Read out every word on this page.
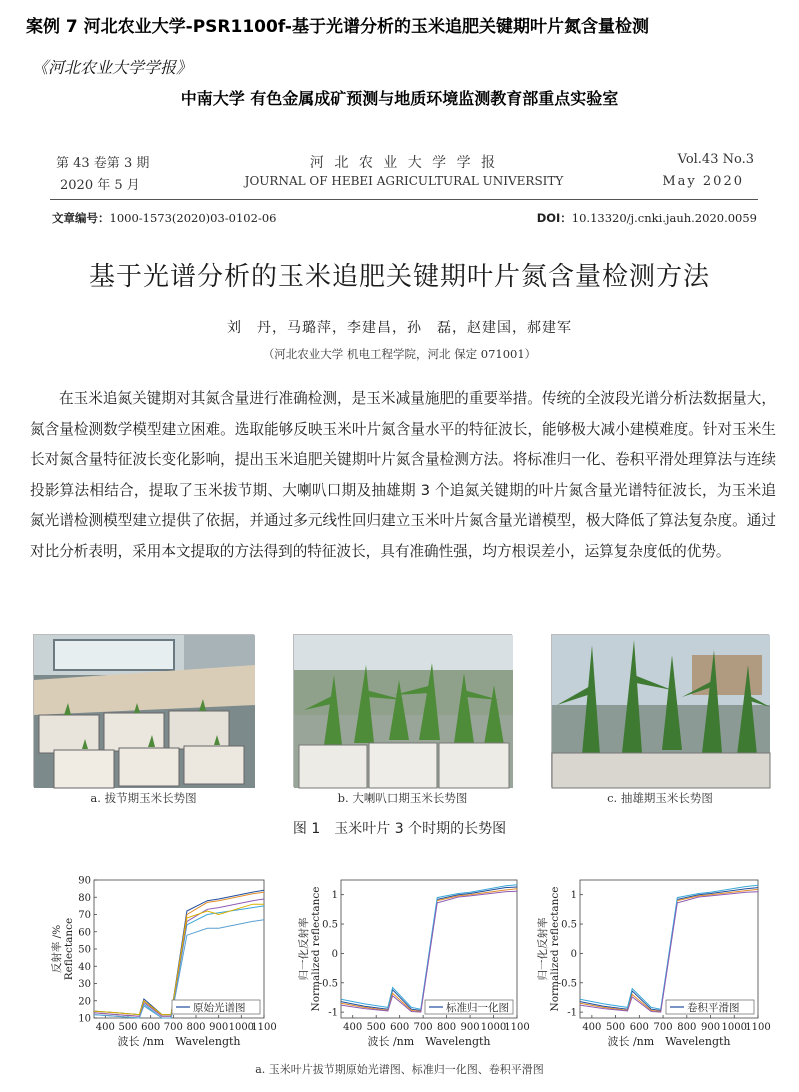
案例 7 河北农业大学-PSR1100f-基于光谱分析的玉米追肥关键期叶片氮含量检测
《河北农业大学学报》
中南大学 有色金属成矿预测与地质环境监测教育部重点实验室
第 43 卷第 3 期
2020 年 5 月
河 北 农 业 大 学 学 报
JOURNAL OF HEBEI AGRICULTURAL UNIVERSITY
Vol.43 No.3
May 2020
文章编号：1000-1573(2020)03-0102-06	DOI：10.13320/j.cnki.jauh.2020.0059
基于光谱分析的玉米追肥关键期叶片氮含量检测方法
刘　丹，马璐萍，李建昌，孙　磊，赵建国，郝建军
（河北农业大学 机电工程学院，河北 保定 071001）
在玉米追氮关键期对其氮含量进行准确检测，是玉米减量施肥的重要举措。传统的全波段光谱分析法数据量大，氮含量检测数学模型建立困难。选取能够反映玉米叶片氮含量水平的特征波长，能够极大减小建模难度。针对玉米生长对氮含量特征波长变化影响，提出玉米追肥关键期叶片氮含量检测方法。将标准归一化、卷积平滑处理算法与连续投影算法相结合，提取了玉米拔节期、大喇叭口期及抽雄期 3 个追氮关键期的叶片氮含量光谱特征波长，为玉米追氮光谱检测模型建立提供了依据，并通过多元线性回归建立玉米叶片氮含量光谱模型，极大降低了算法复杂度。通过对比分析表明，采用本文提取的方法得到的特征波长，具有准确性强，均方根误差小，运算复杂度低的优势。
a. 拔节期玉米长势图	b. 大喇叭口期玉米长势图	c. 抽雄期玉米长势图
图 1　玉米叶片 3 个时期的长势图
10
20
30
40
50
60
70
80
90
400 500 600 700 800 900 1000
1100
反射率 /% Reflectance
波长 /nm　Wavelength
原始光谱图	-1
-0.5
0
0.5
1
400 500 600 700 800 900 1000
1100
归一化反射率 Normalized reflectance
波长 /nm　Wavelength
标准归一化图	-1
-0.5
0
0.5
1
400 500 600 700 800 900 1000
1100
归一化反射率 Normalized reflectance
波长 /nm　Wavelength
卷积平滑图
a. 玉米叶片拔节期原始光谱图、标准归一化图、卷积平滑图
